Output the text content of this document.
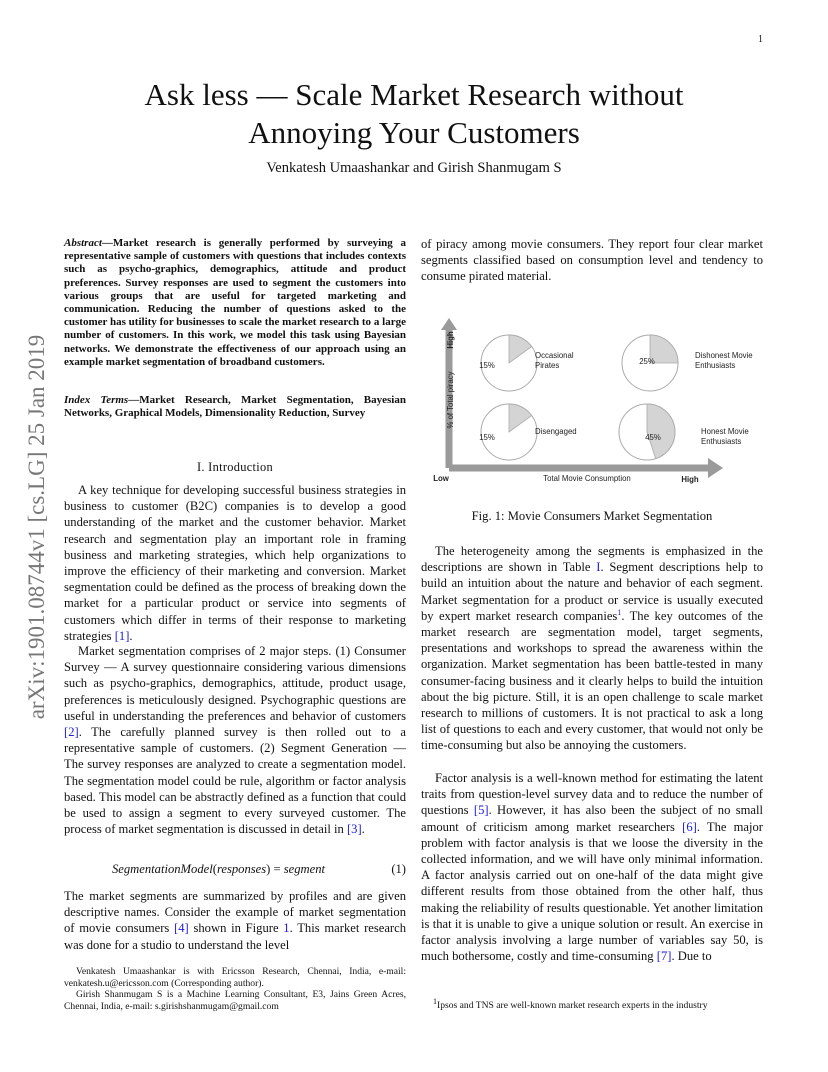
1
Ask less — Scale Market Research without
Annoying Your Customers
Venkatesh Umaashankar and Girish Shanmugam S
arXiv:1901.08744v1 [cs.LG] 25 Jan 2019
Abstract—Market research is generally performed by surveying a representative sample of customers with questions that includes contexts such as psycho-graphics, demographics, attitude and product preferences. Survey responses are used to segment the customers into various groups that are useful for targeted marketing and communication. Reducing the number of questions asked to the customer has utility for businesses to scale the market research to a large number of customers. In this work, we model this task using Bayesian networks. We demonstrate the effectiveness of our approach using an example market segmentation of broadband customers.
Index Terms—Market Research, Market Segmentation, Bayesian Networks, Graphical Models, Dimensionality Reduction, Survey
I. Introduction
A key technique for developing successful business strategies in business to customer (B2C) companies is to develop a good understanding of the market and the customer behavior. Market research and segmentation play an important role in framing business and marketing strategies, which help organizations to improve the efficiency of their marketing and conversion. Market segmentation could be defined as the process of breaking down the market for a particular product or service into segments of customers which differ in terms of their response to marketing strategies [1].
Market segmentation comprises of 2 major steps. (1) Consumer Survey — A survey questionnaire considering various dimensions such as psycho-graphics, demographics, attitude, product usage, preferences is meticulously designed. Psychographic questions are useful in understanding the preferences and behavior of customers [2]. The carefully planned survey is then rolled out to a representative sample of customers. (2) Segment Generation — The survey responses are analyzed to create a segmentation model. The segmentation model could be rule, algorithm or factor analysis based. This model can be abstractly defined as a function that could be used to assign a segment to every surveyed customer. The process of market segmentation is discussed in detail in [3].
SegmentationModel(responses) = segment	(1)
The market segments are summarized by profiles and are given descriptive names. Consider the example of market segmentation of movie consumers [4] shown in Figure 1. This market research was done for a studio to understand the level

Venkatesh Umaashankar is with Ericsson Research, Chennai, India, e-mail: venkatesh.u@ericsson.com (Corresponding author).

Girish Shanmugam S is a Machine Learning Consultant, E3, Jains Green Acres, Chennai, India, e-mail: s.girishshanmugam@gmail.com

of piracy among movie consumers. They report four clear market segments classified based on consumption level and tendency to consume pirated material.
High
% of Total piracy
Low	Total Movie Consumption	High
15%
Occasional
Pirates	25%
Dishonest Movie
Enthusiasts
15%
Disengaged
45%
Honest Movie
Enthusiasts
Fig. 1: Movie Consumers Market Segmentation
The heterogeneity among the segments is emphasized in the descriptions are shown in Table I. Segment descriptions help to build an intuition about the nature and behavior of each segment. Market segmentation for a product or service is usually executed by expert market research companies$^1$. The key outcomes of the market research are segmentation model, target segments, presentations and workshops to spread the awareness within the organization. Market segmentation has been battle-tested in many consumer-facing business and it clearly helps to build the intuition about the big picture. Still, it is an open challenge to scale market research to millions of customers. It is not practical to ask a long list of questions to each and every customer, that would not only be time-consuming but also be annoying the customers.
Factor analysis is a well-known method for estimating the latent traits from question-level survey data and to reduce the number of questions [5]. However, it has also been the subject of no small amount of criticism among market researchers [6]. The major problem with factor analysis is that we loose the diversity in the collected information, and we will have only minimal information. A factor analysis carried out on one-half of the data might give different results from those obtained from the other half, thus making the reliability of results questionable. Yet another limitation is that it is unable to give a unique solution or result. An exercise in factor analysis involving a large number of variables say 50, is much bothersome, costly and time-consuming [7]. Due to
$^1$Ipsos and TNS are well-known market research experts in the industry
